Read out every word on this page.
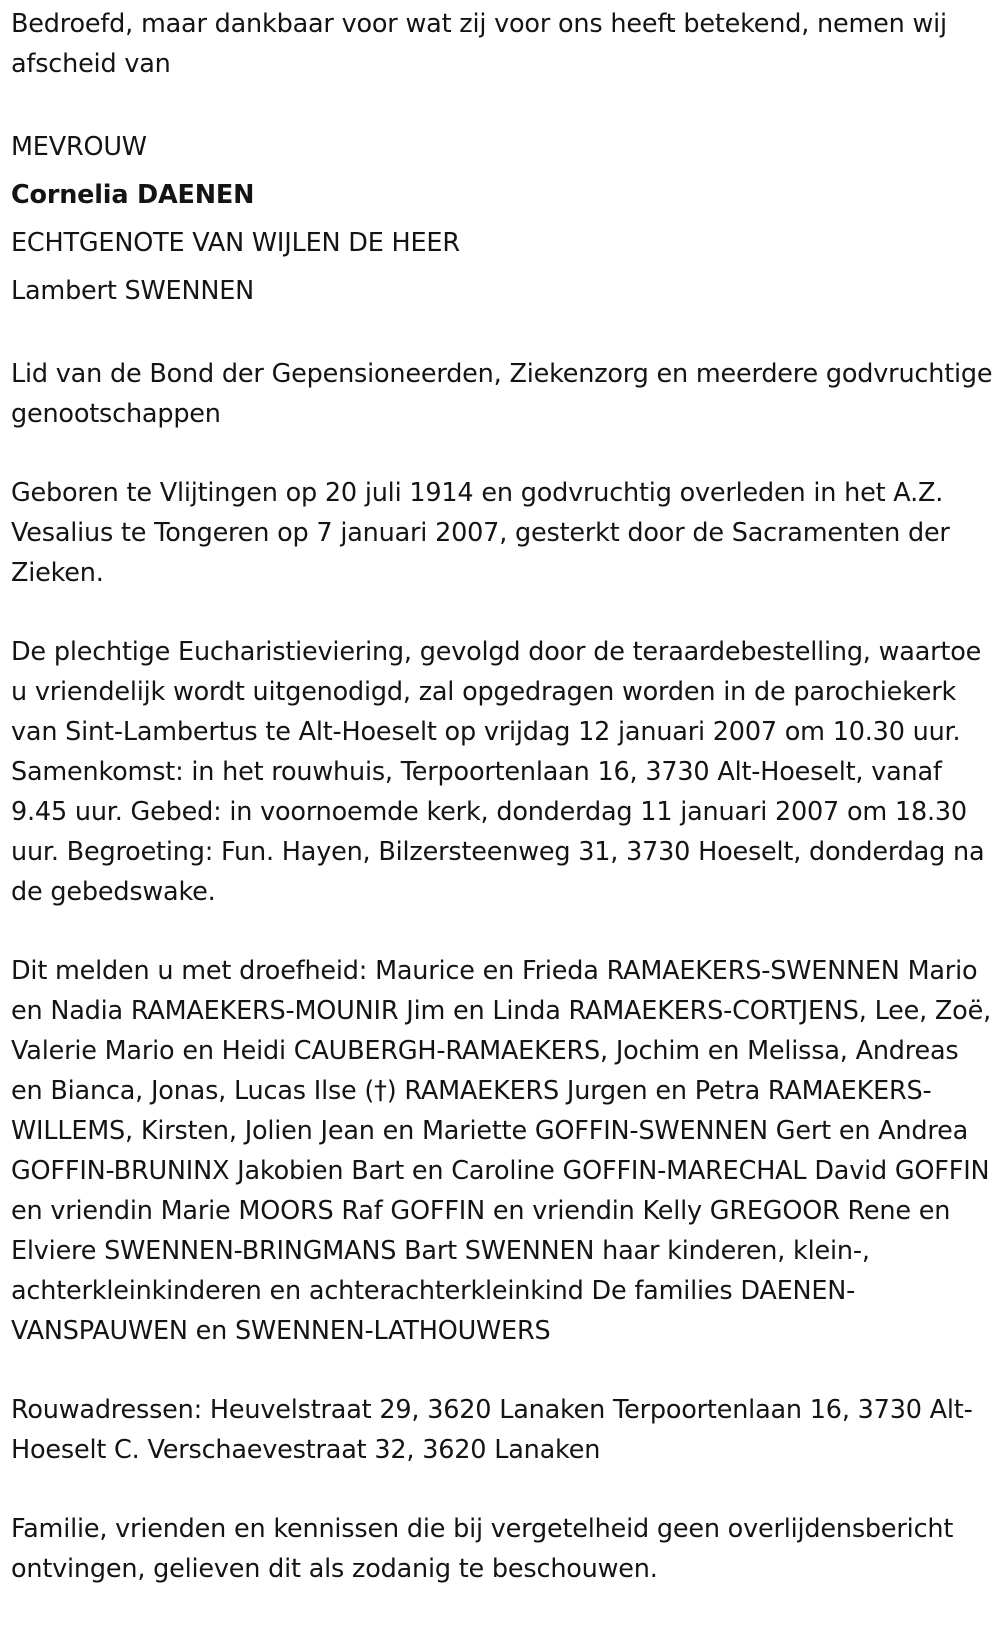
Bedroefd, maar dankbaar voor wat zij voor ons heeft betekend, nemen wij afscheid van

MEVROUW
Cornelia DAENEN
ECHTGENOTE VAN WIJLEN DE HEER
Lambert SWENNEN

Lid van de Bond der Gepensioneerden, Ziekenzorg en meerdere godvruchtige genootschappen

Geboren te Vlijtingen op 20 juli 1914 en godvruchtig overleden in het A.Z. Vesalius te Tongeren op 7 januari 2007, gesterkt door de Sacramenten der Zieken.

De plechtige Eucharistieviering, gevolgd door de teraardebestelling, waartoe u vriendelijk wordt uitgenodigd, zal opgedragen worden in de parochiekerk van Sint-Lambertus te Alt-Hoeselt op vrijdag 12 januari 2007 om 10.30 uur. Samenkomst: in het rouwhuis, Terpoortenlaan 16, 3730 Alt-Hoeselt, vanaf 9.45 uur. Gebed: in voornoemde kerk, donderdag 11 januari 2007 om 18.30 uur. Begroeting: Fun. Hayen, Bilzersteenweg 31, 3730 Hoeselt, donderdag na de gebedswake.

Dit melden u met droefheid: Maurice en Frieda RAMAEKERS-SWENNEN Mario en Nadia RAMAEKERS-MOUNIR Jim en Linda RAMAEKERS-CORTJENS, Lee, Zoë, Valerie Mario en Heidi CAUBERGH-RAMAEKERS, Jochim en Melissa, Andreas en Bianca, Jonas, Lucas Ilse (†) RAMAEKERS Jurgen en Petra RAMAEKERS-WILLEMS, Kirsten, Jolien Jean en Mariette GOFFIN-SWENNEN Gert en Andrea GOFFIN-BRUNINX Jakobien Bart en Caroline GOFFIN-MARECHAL David GOFFIN en vriendin Marie MOORS Raf GOFFIN en vriendin Kelly GREGOOR Rene en Elviere SWENNEN-BRINGMANS Bart SWENNEN haar kinderen, klein-, achterkleinkinderen en achterachterkleinkind De families DAENEN-VANSPAUWEN en SWENNEN-LATHOUWERS

Rouwadressen: Heuvelstraat 29, 3620 Lanaken Terpoortenlaan 16, 3730 Alt-Hoeselt C. Verschaevestraat 32, 3620 Lanaken

Familie, vrienden en kennissen die bij vergetelheid geen overlijdensbericht ontvingen, gelieven dit als zodanig te beschouwen.
